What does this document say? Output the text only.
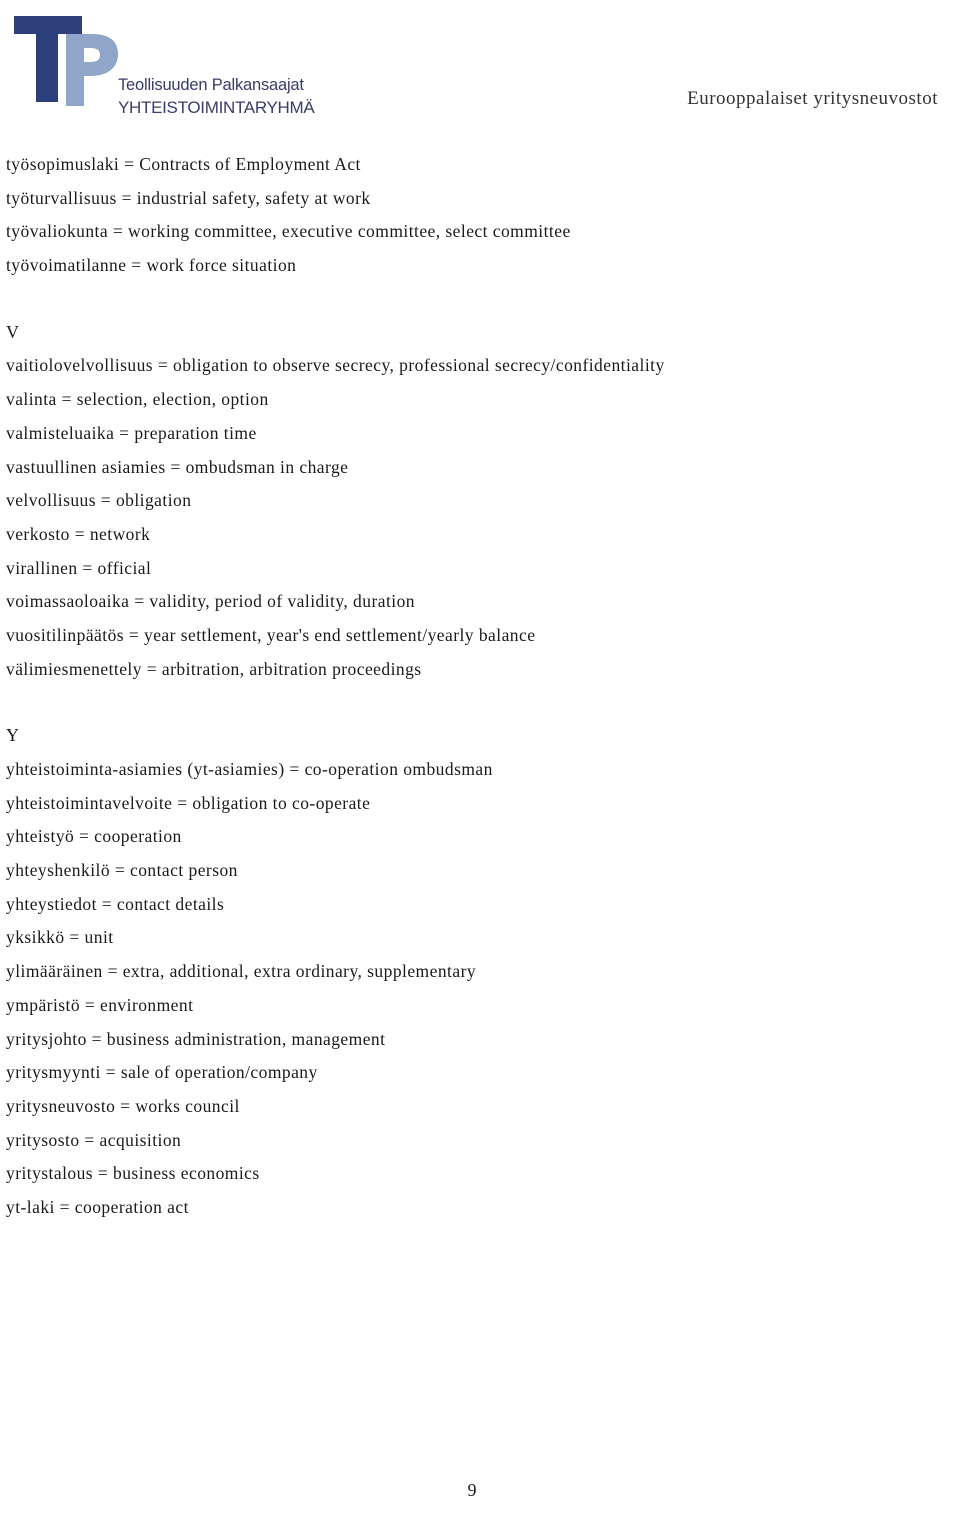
Teollisuuden Palkansaajat
YHTEISTOIMINTARYHMÄ	Eurooppalaiset yritysneuvostot
työsopimuslaki = Contracts of Employment Act
työturvallisuus = industrial safety, safety at work
työvaliokunta = working committee, executive committee, select committee
työvoimatilanne = work force situation
V
vaitiolovelvollisuus = obligation to observe secrecy, professional secrecy/confidentiality
valinta = selection, election, option
valmisteluaika = preparation time
vastuullinen asiamies = ombudsman in charge
velvollisuus = obligation
verkosto = network
virallinen = official
voimassaoloaika = validity, period of validity, duration
vuositilinpäätös = year settlement, year's end settlement/yearly balance
välimiesmenettely = arbitration, arbitration proceedings
Y
yhteistoiminta-asiamies (yt-asiamies) = co-operation ombudsman
yhteistoimintavelvoite = obligation to co-operate
yhteistyö = cooperation
yhteyshenkilö = contact person
yhteystiedot = contact details
yksikkö = unit
ylimääräinen = extra, additional, extra ordinary, supplementary
ympäristö = environment
yritysjohto = business administration, management
yritysmyynti = sale of operation/company
yritysneuvosto = works council
yritysosto = acquisition
yritystalous = business economics
yt-laki = cooperation act
9
